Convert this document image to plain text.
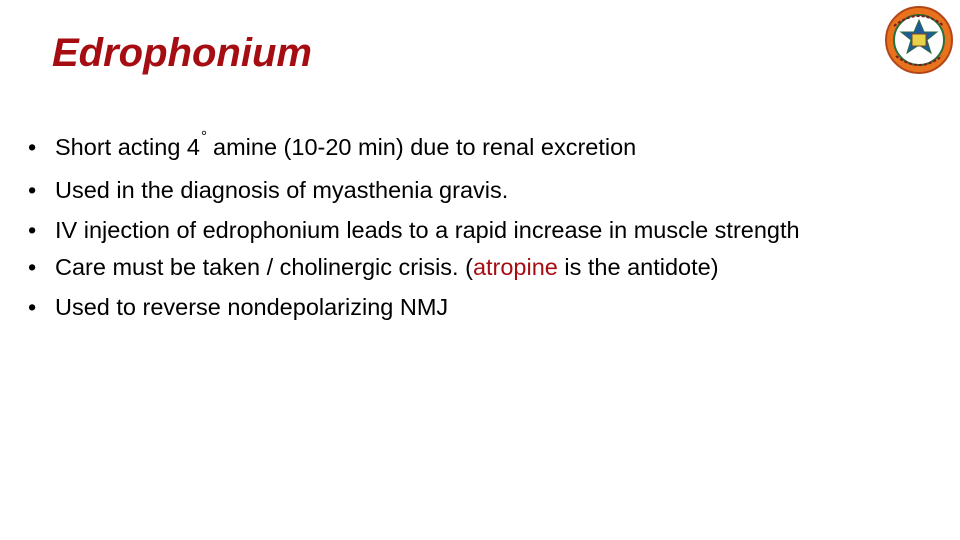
Edrophonium
• Short acting 4° amine (10-20 min) due to renal excretion
• Used in the diagnosis of myasthenia gravis.
• IV injection of edrophonium leads to a rapid increase in muscle strength
• Care must be taken / cholinergic crisis. (atropine is the antidote)
• Used to reverse nondepolarizing NMJ
